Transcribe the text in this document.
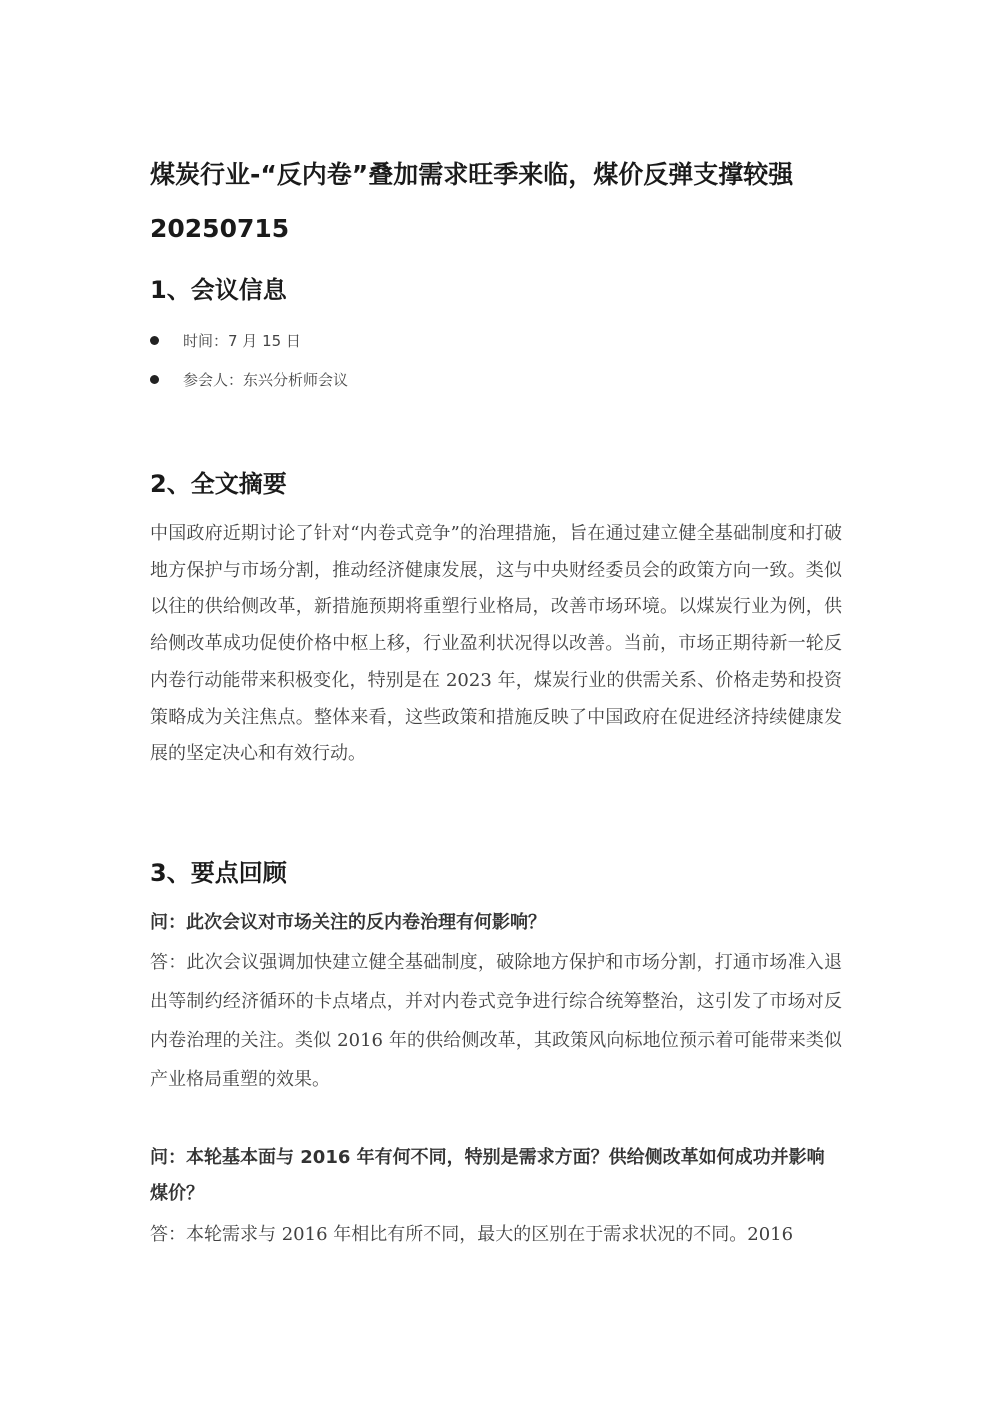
煤炭行业-“反内卷”叠加需求旺季来临，煤价反弹支撑较强
20250715
1、会议信息
时间：7 月 15 日
参会人：东兴分析师会议
2、全文摘要
中国政府近期讨论了针对“内卷式竞争”的治理措施，旨在通过建立健全基础制度和打破地方保护与市场分割，推动经济健康发展，这与中央财经委员会的政策方向一致。类似以往的供给侧改革，新措施预期将重塑行业格局，改善市场环境。以煤炭行业为例，供给侧改革成功促使价格中枢上移，行业盈利状况得以改善。当前，市场正期待新一轮反内卷行动能带来积极变化，特别是在 2023 年，煤炭行业的供需关系、价格走势和投资策略成为关注焦点。整体来看，这些政策和措施反映了中国政府在促进经济持续健康发展的坚定决心和有效行动。
3、要点回顾
问：此次会议对市场关注的反内卷治理有何影响？
答：此次会议强调加快建立健全基础制度，破除地方保护和市场分割，打通市场准入退出等制约经济循环的卡点堵点，并对内卷式竞争进行综合统筹整治，这引发了市场对反内卷治理的关注。类似 2016 年的供给侧改革，其政策风向标地位预示着可能带来类似产业格局重塑的效果。
问：本轮基本面与 2016 年有何不同，特别是需求方面？供给侧改革如何成功并影响煤价？
答：本轮需求与 2016 年相比有所不同，最大的区别在于需求状况的不同。2016
